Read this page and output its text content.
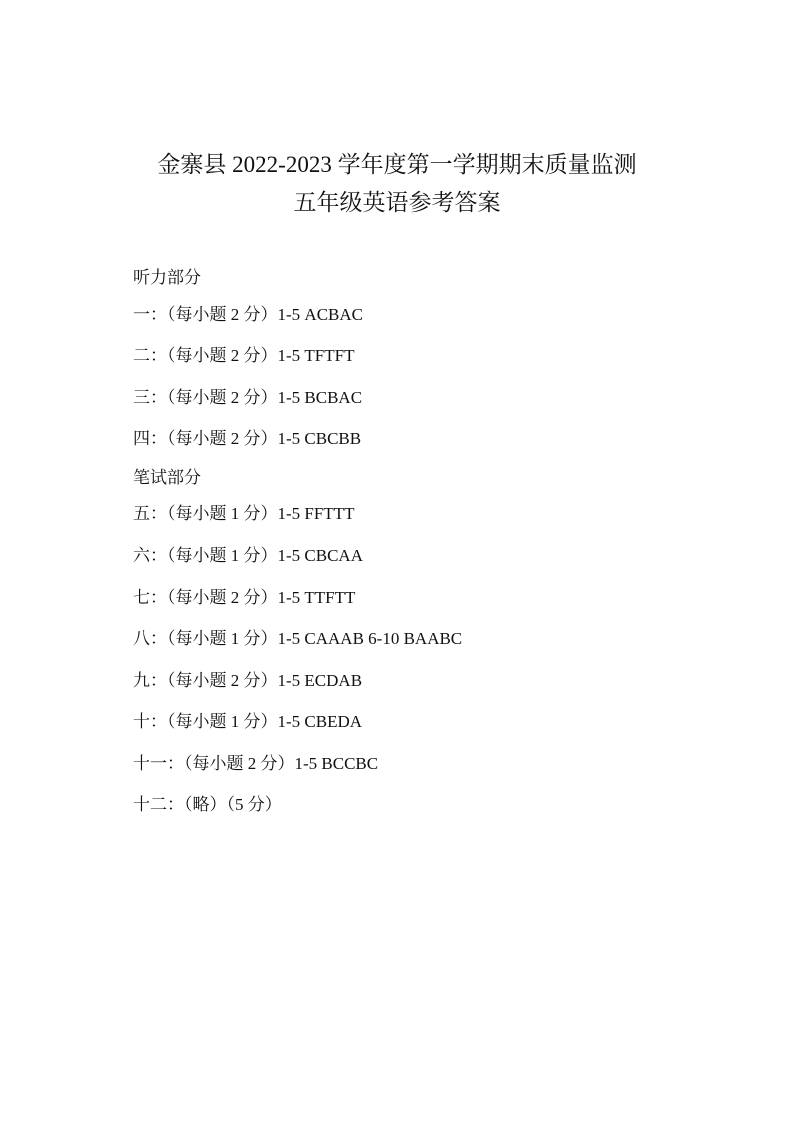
金寨县 2022-2023 学年度第一学期期末质量监测
五年级英语参考答案
听力部分
一：（每小题 2 分）1-5 ACBAC
二：（每小题 2 分）1-5 TFTFT
三：（每小题 2 分）1-5 BCBAC
四：（每小题 2 分）1-5 CBCBB
笔试部分
五：（每小题 1 分）1-5 FFTTT
六：（每小题 1 分）1-5 CBCAA
七：（每小题 2 分）1-5 TTFTT
八：（每小题 1 分）1-5 CAAAB 6-10 BAABC
九：（每小题 2 分）1-5 ECDAB
十：（每小题 1 分）1-5 CBEDA
十一：（每小题 2 分）1-5 BCCBC
十二：（略）（5 分）
